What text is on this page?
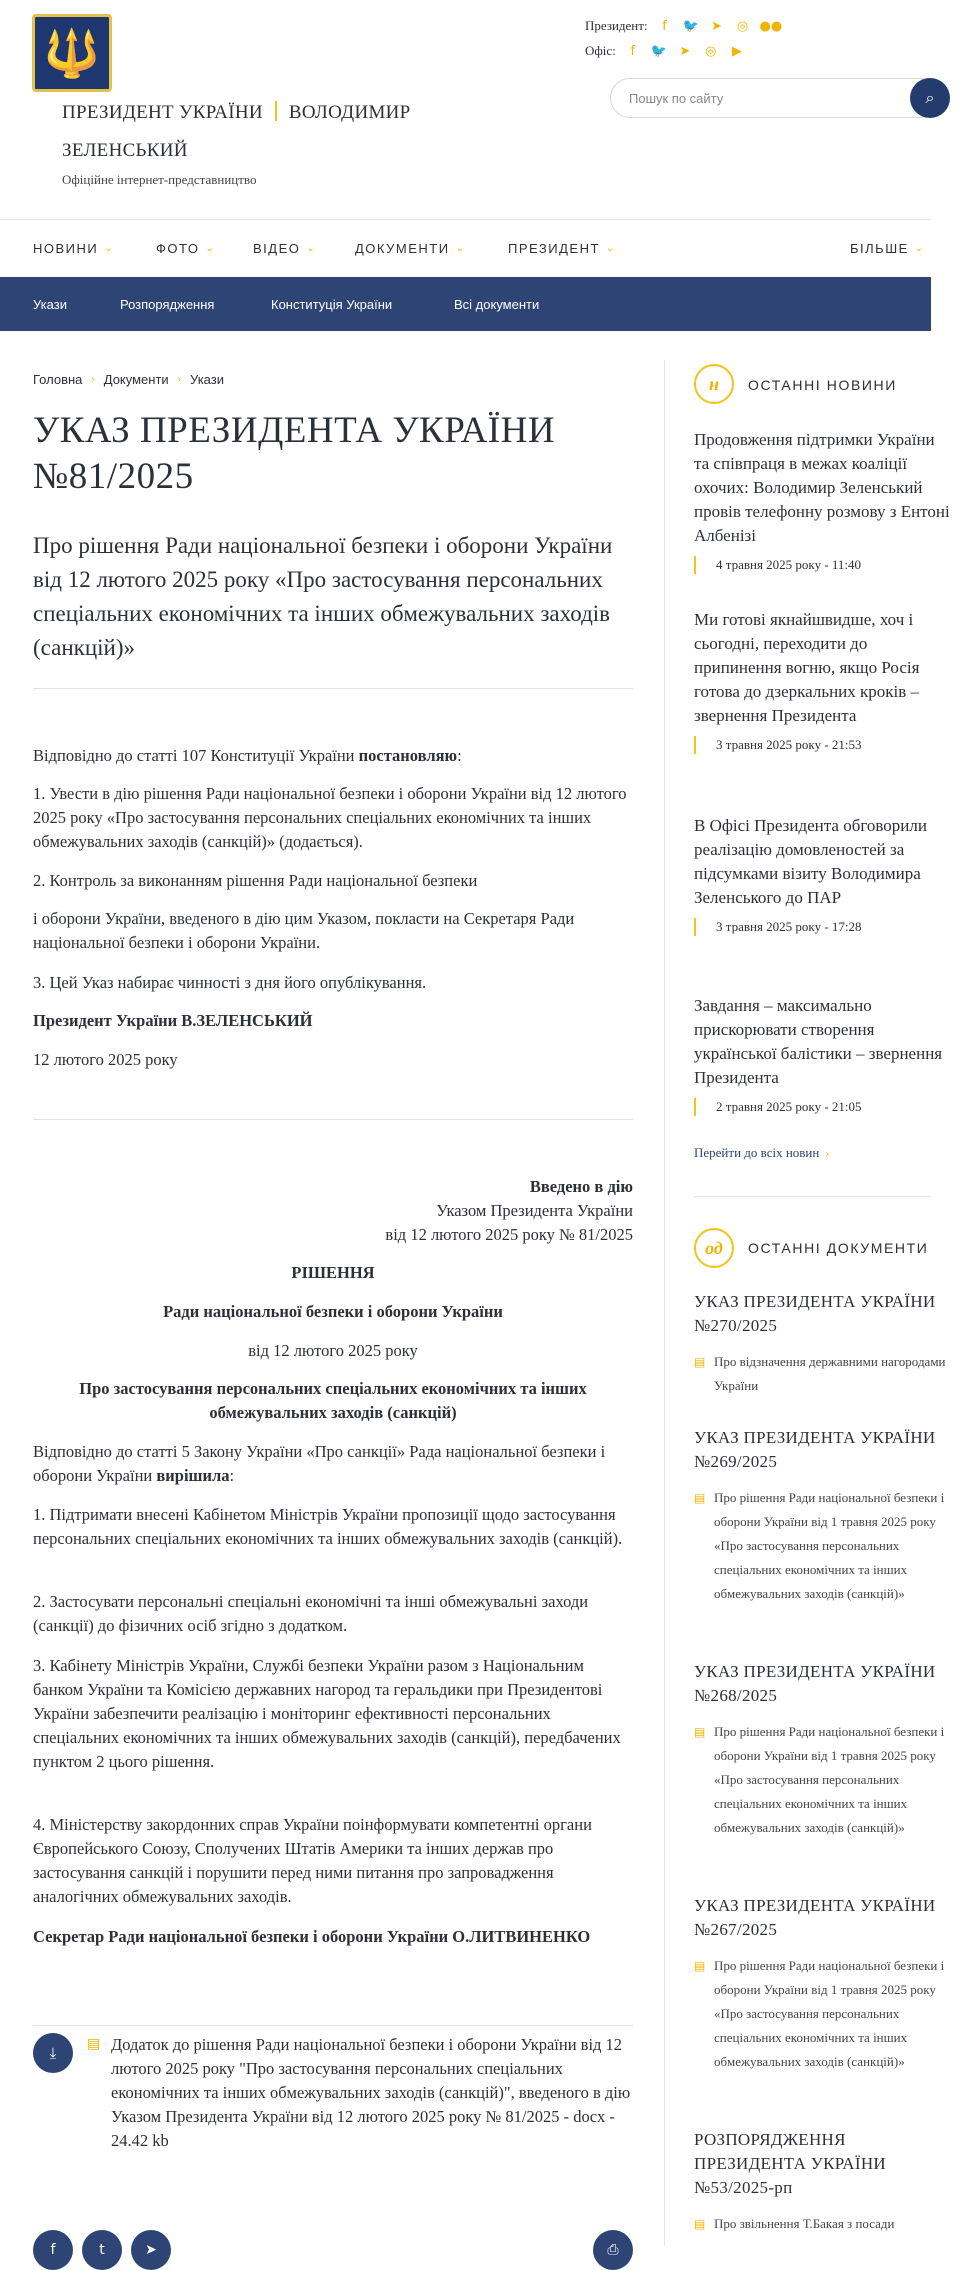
🔱
ПРЕЗИДЕНТ УКРАЇНИ ВОЛОДИМИР
ЗЕЛЕНСЬКИЙ
Офіційне інтернет-представництво
Президент:	f	🐦 ➤ ◎ ●●
Офіс:	f	🐦 ➤ ◎	▶
Пошук по сайту	⌕
НОВИНИ ⌄	ФОТО ⌄	ВІДЕО ⌄	ДОКУМЕНТИ ⌄	ПРЕЗИДЕНТ ⌄	БІЛЬШЕ ⌄
Укази	Розпорядження	Конституція України	Всі документи
Головна › Документи › Укази
УКАЗ ПРЕЗИДЕНТА УКРАЇНИ №81/2025
Про рішення Ради національної безпеки і оборони України від 12 лютого 2025 року «Про застосування персональних спеціальних економічних та інших обмежувальних заходів (санкцій)»
Відповідно до статті 107 Конституції України постановляю:
1. Увести в дію рішення Ради національної безпеки і оборони України від 12 лютого 2025 року «Про застосування персональних спеціальних економічних та інших обмежувальних заходів (санкцій)» (додається).
2. Контроль за виконанням рішення Ради національної безпеки
і оборони України, введеного в дію цим Указом, покласти на Секретаря Ради національної безпеки і оборони України.
3. Цей Указ набирає чинності з дня його опублікування.
Президент України В.ЗЕЛЕНСЬКИЙ
12 лютого 2025 року
Введено в дію
Указом Президента України
від 12 лютого 2025 року № 81/2025
РІШЕННЯ
Ради національної безпеки і оборони України
від 12 лютого 2025 року
Про застосування персональних спеціальних економічних та інших обмежувальних заходів (санкцій)
Відповідно до статті 5 Закону України «Про санкції» Рада національної безпеки і оборони України вирішила:
1. Підтримати внесені Кабінетом Міністрів України пропозиції щодо застосування персональних спеціальних економічних та інших обмежувальних заходів (санкцій).
2. Застосувати персональні спеціальні економічні та інші обмежувальні заходи (санкції) до фізичних осіб згідно з додатком.
3. Кабінету Міністрів України, Службі безпеки України разом з Національним банком України та Комісією державних нагород та геральдики при Президентові України забезпечити реалізацію і моніторинг ефективності персональних спеціальних економічних та інших обмежувальних заходів (санкцій), передбачених пунктом 2 цього рішення.
4. Міністерству закордонних справ України поінформувати компетентні органи Європейського Союзу, Сполучених Штатів Америки та інших держав про застосування санкцій і порушити перед ними питання про запровадження аналогічних обмежувальних заходів.
Секретар Ради національної безпеки і оборони України О.ЛИТВИНЕНКО
⤓	▤ Додаток до рішення Ради національної безпеки і оборони України від 12 лютого 2025 року "Про застосування персональних спеціальних економічних та інших обмежувальних заходів (санкцій)", введеного в дію Указом Президента України від 12 лютого 2025 року № 81/2025 - docx - 24.42 kb
f	t	➤	⎙
н	ОСТАННІ НОВИНИ
Продовження підтримки України та співпраця в межах коаліції охочих: Володимир Зеленський провів телефонну розмову з Ентоні Албенізі
4 травня 2025 року - 11:40
Ми готові якнайшвидше, хоч і сьогодні, переходити до припинення вогню, якщо Росія готова до дзеркальних кроків – звернення Президента
3 травня 2025 року - 21:53
В Офісі Президента обговорили реалізацію домовленостей за підсумками візиту Володимира Зеленського до ПАР
3 травня 2025 року - 17:28
Завдання – максимально прискорювати створення української балістики – звернення Президента
2 травня 2025 року - 21:05
Перейти до всіх новин ›
од	ОСТАННІ ДОКУМЕНТИ
УКАЗ ПРЕЗИДЕНТА УКРАЇНИ №270/2025
▤ Про відзначення державними нагородами України
УКАЗ ПРЕЗИДЕНТА УКРАЇНИ №269/2025
▤ Про рішення Ради національної безпеки і оборони України від 1 травня 2025 року «Про застосування персональних спеціальних економічних та інших обмежувальних заходів (санкцій)»
УКАЗ ПРЕЗИДЕНТА УКРАЇНИ №268/2025
▤ Про рішення Ради національної безпеки і оборони України від 1 травня 2025 року «Про застосування персональних спеціальних економічних та інших обмежувальних заходів (санкцій)»
УКАЗ ПРЕЗИДЕНТА УКРАЇНИ №267/2025
▤ Про рішення Ради національної безпеки і оборони України від 1 травня 2025 року «Про застосування персональних спеціальних економічних та інших обмежувальних заходів (санкцій)»
РОЗПОРЯДЖЕННЯ ПРЕЗИДЕНТА УКРАЇНИ №53/2025-рп
▤ Про звільнення Т.Бакая з посади
